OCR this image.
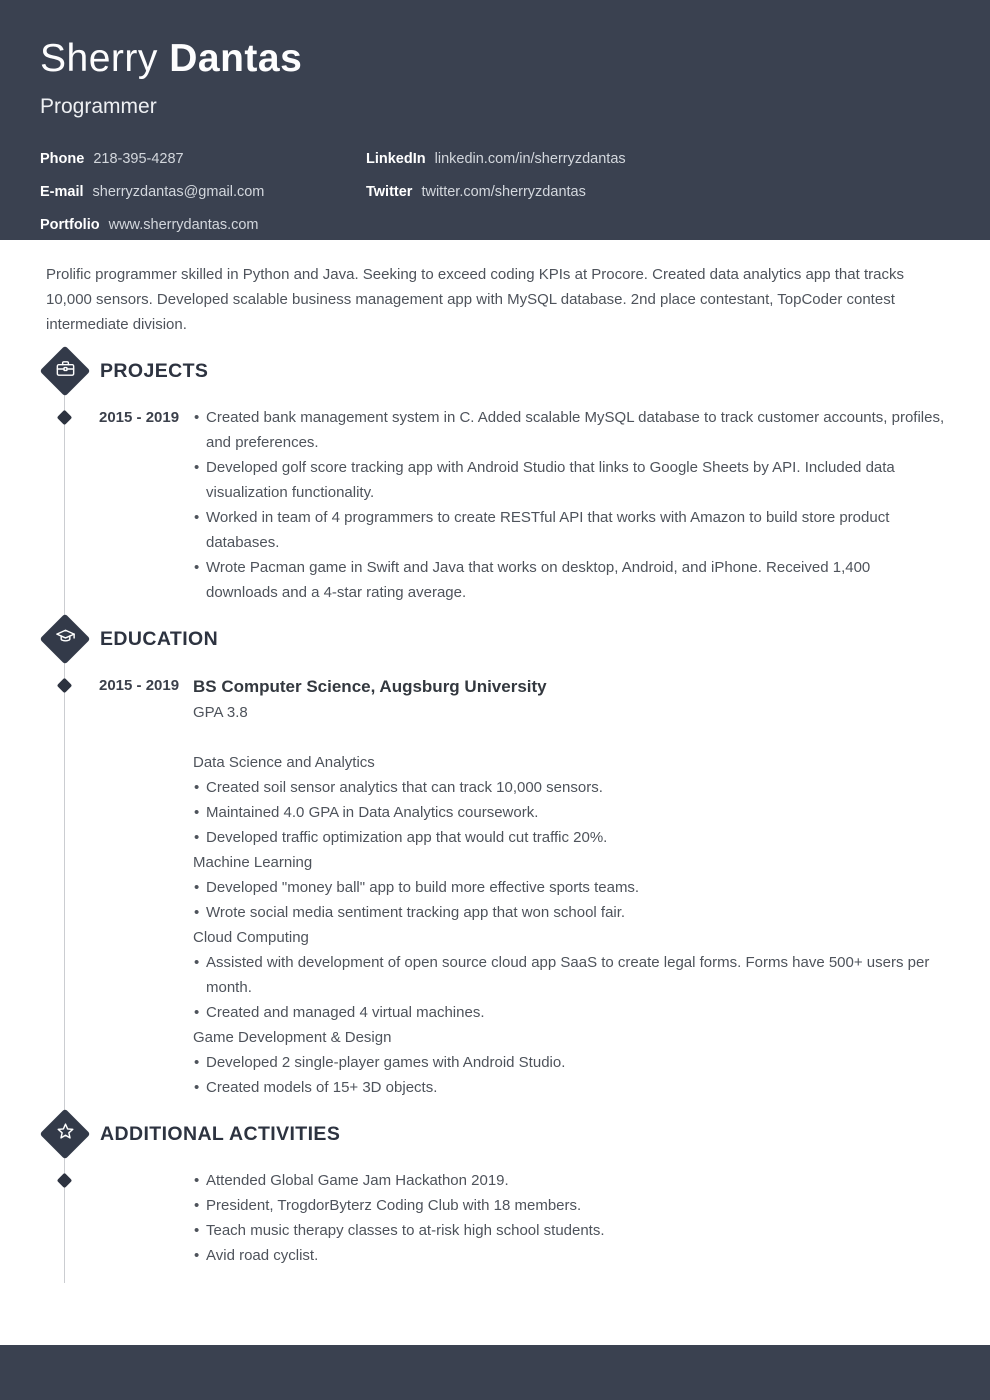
Sherry Dantas
Programmer
Phone 218-395-4287
E-mail sherryzdantas@gmail.com
Portfolio www.sherrydantas.com
LinkedIn linkedin.com/in/sherryzdantas
Twitter twitter.com/sherryzdantas
Prolific programmer skilled in Python and Java. Seeking to exceed coding KPIs at Procore. Created data analytics app that tracks 10,000 sensors. Developed scalable business management app with MySQL database. 2nd place contestant, TopCoder contest intermediate division.
PROJECTS
2015 - 2019	• Created bank management system in C. Added scalable MySQL database to track customer accounts, profiles, and preferences.
• Developed golf score tracking app with Android Studio that links to Google Sheets by API. Included data visualization functionality.
• Worked in team of 4 programmers to create RESTful API that works with Amazon to build store product databases.
• Wrote Pacman game in Swift and Java that works on desktop, Android, and iPhone. Received 1,400 downloads and a 4-star rating average.
EDUCATION
2015 - 2019 BS Computer Science, Augsburg University
GPA 3.8
Data Science and Analytics
• Created soil sensor analytics that can track 10,000 sensors.
• Maintained 4.0 GPA in Data Analytics coursework.
• Developed traffic optimization app that would cut traffic 20%.
Machine Learning
• Developed "money ball" app to build more effective sports teams.
• Wrote social media sentiment tracking app that won school fair.
Cloud Computing
• Assisted with development of open source cloud app SaaS to create legal forms. Forms have 500+ users per month.
• Created and managed 4 virtual machines.
Game Development & Design
• Developed 2 single-player games with Android Studio.
• Created models of 15+ 3D objects.
ADDITIONAL ACTIVITIES
• Attended Global Game Jam Hackathon 2019.
• President, TrogdorByterz Coding Club with 18 members.
• Teach music therapy classes to at-risk high school students.
• Avid road cyclist.
